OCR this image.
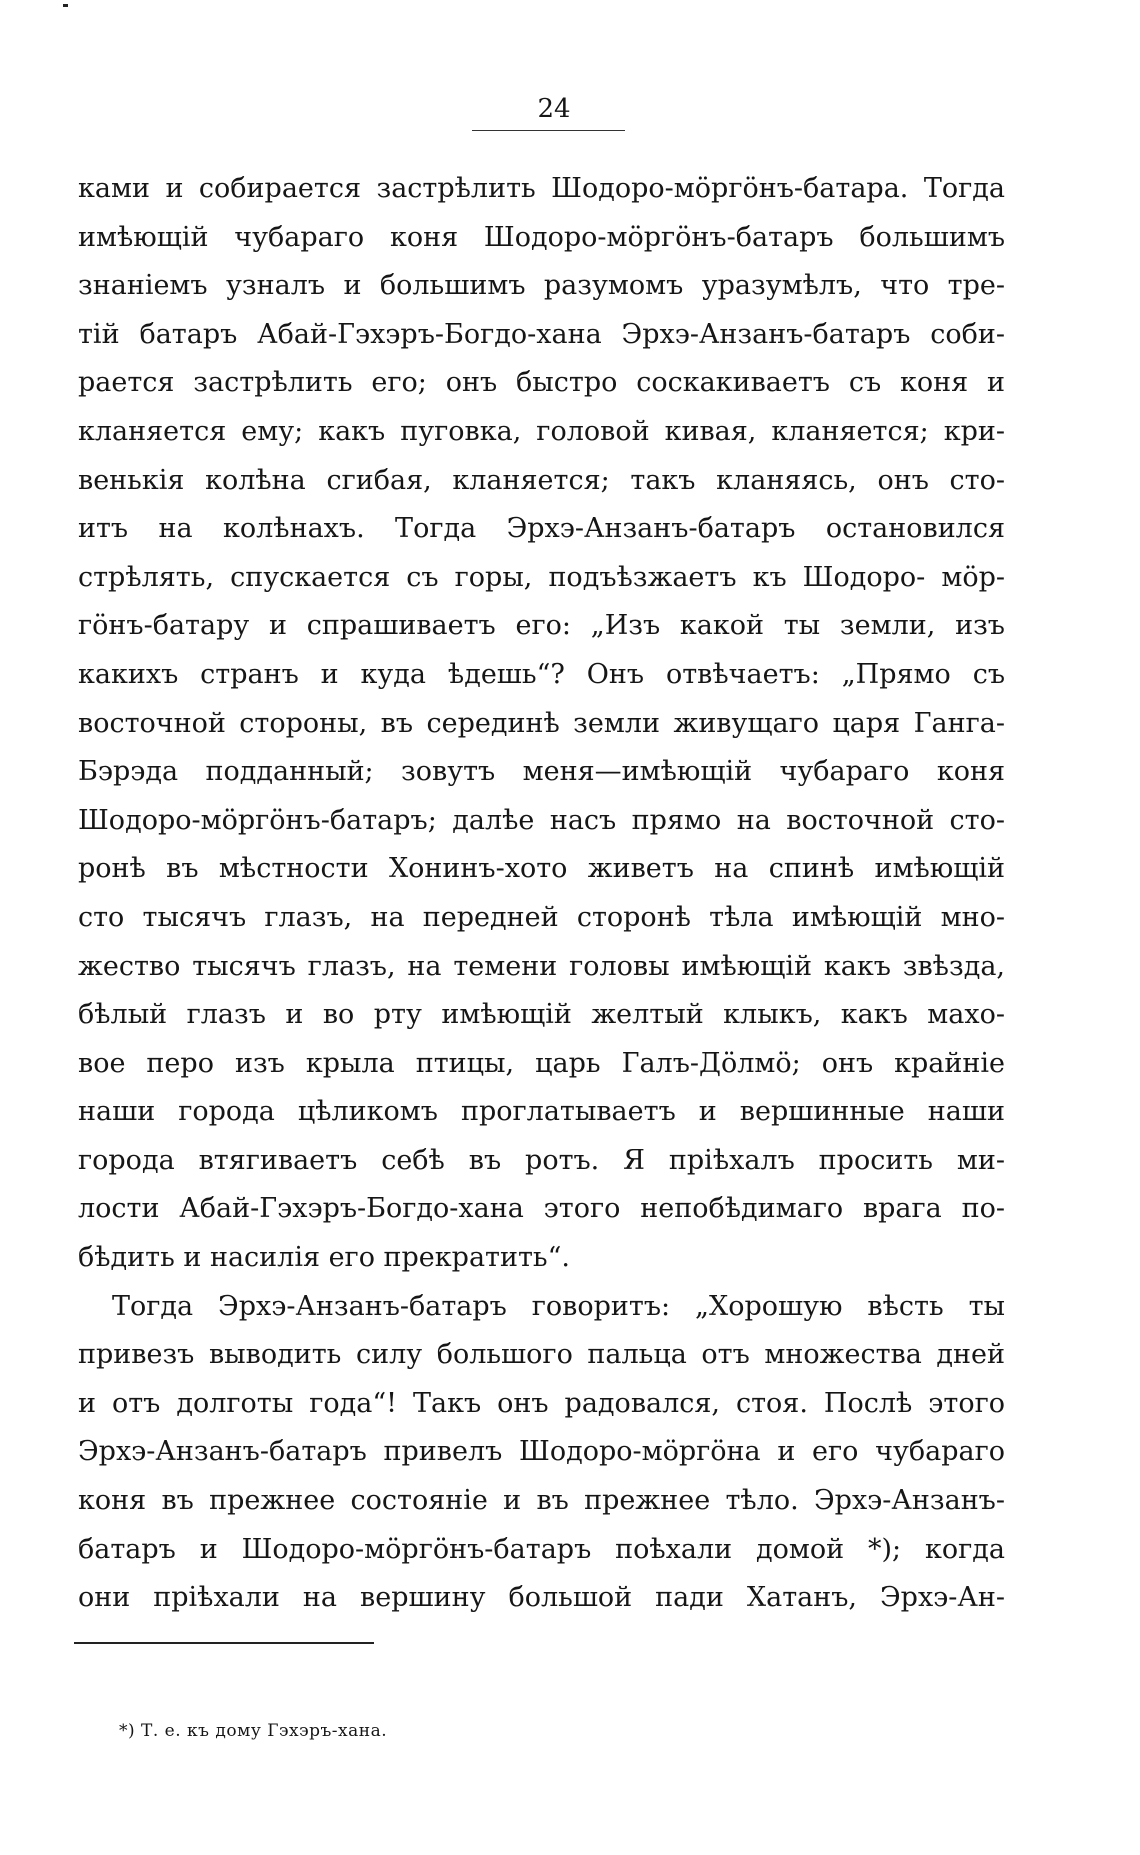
24
ками и собирается застрѣлить Шодоро-мöргöнъ-батара. Тогда
имѣющій чубараго коня Шодоро-мöргöнъ-батаръ большимъ
знаніемъ узналъ и большимъ разумомъ уразумѣлъ, что тре-
тій батаръ Абай-Гэхэръ-Богдо-хана Эрхэ-Анзанъ-батаръ соби-
рается застрѣлить его; онъ быстро соскакиваетъ съ коня и
кланяется ему; какъ пуговка, головой кивая, кланяется; кри-
венькія колѣна сгибая, кланяется; такъ кланяясь, онъ сто-
итъ на колѣнахъ. Тогда Эрхэ-Анзанъ-батаръ остановился
стрѣлять, спускается съ горы, подъѣзжаетъ къ Шодоро- мöр-
гöнъ-батару и спрашиваетъ его: „Изъ какой ты земли, изъ
какихъ странъ и куда ѣдешь“? Онъ отвѣчаетъ: „Прямо съ
восточной стороны, въ серединѣ земли живущаго царя Ганга-
Бэрэда подданный; зовутъ меня—имѣющій чубараго коня
Шодоро-мöргöнъ-батаръ; далѣе насъ прямо на восточной сто-
ронѣ въ мѣстности Хонинъ-хото живетъ на спинѣ имѣющій
сто тысячъ глазъ, на передней сторонѣ тѣла имѣющій мно-
жество тысячъ глазъ, на темени головы имѣющій какъ звѣзда,
бѣлый глазъ и во рту имѣющій желтый клыкъ, какъ махо-
вое перо изъ крыла птицы, царь Галъ-Дöлмö; онъ крайніе
наши города цѣликомъ проглатываетъ и вершинные наши
города втягиваетъ себѣ въ ротъ. Я пріѣхалъ просить ми-
лости Абай-Гэхэръ-Богдо-хана этого непобѣдимаго врага по-
бѣдить и насилія его прекратить“.
Тогда Эрхэ-Анзанъ-батаръ говоритъ: „Хорошую вѣсть ты
привезъ выводить силу большого пальца отъ множества дней
и отъ долготы года“! Такъ онъ радовался, стоя. Послѣ этого
Эрхэ-Анзанъ-батаръ привелъ Шодоро-мöргöна и его чубараго
коня въ прежнее состояніе и въ прежнее тѣло. Эрхэ-Анзанъ-
батаръ и Шодоро-мöргöнъ-батаръ поѣхали домой *); когда
они пріѣхали на вершину большой пади Хатанъ, Эрхэ-Ан-
*) Т. е. къ дому Гэхэръ-хана.
